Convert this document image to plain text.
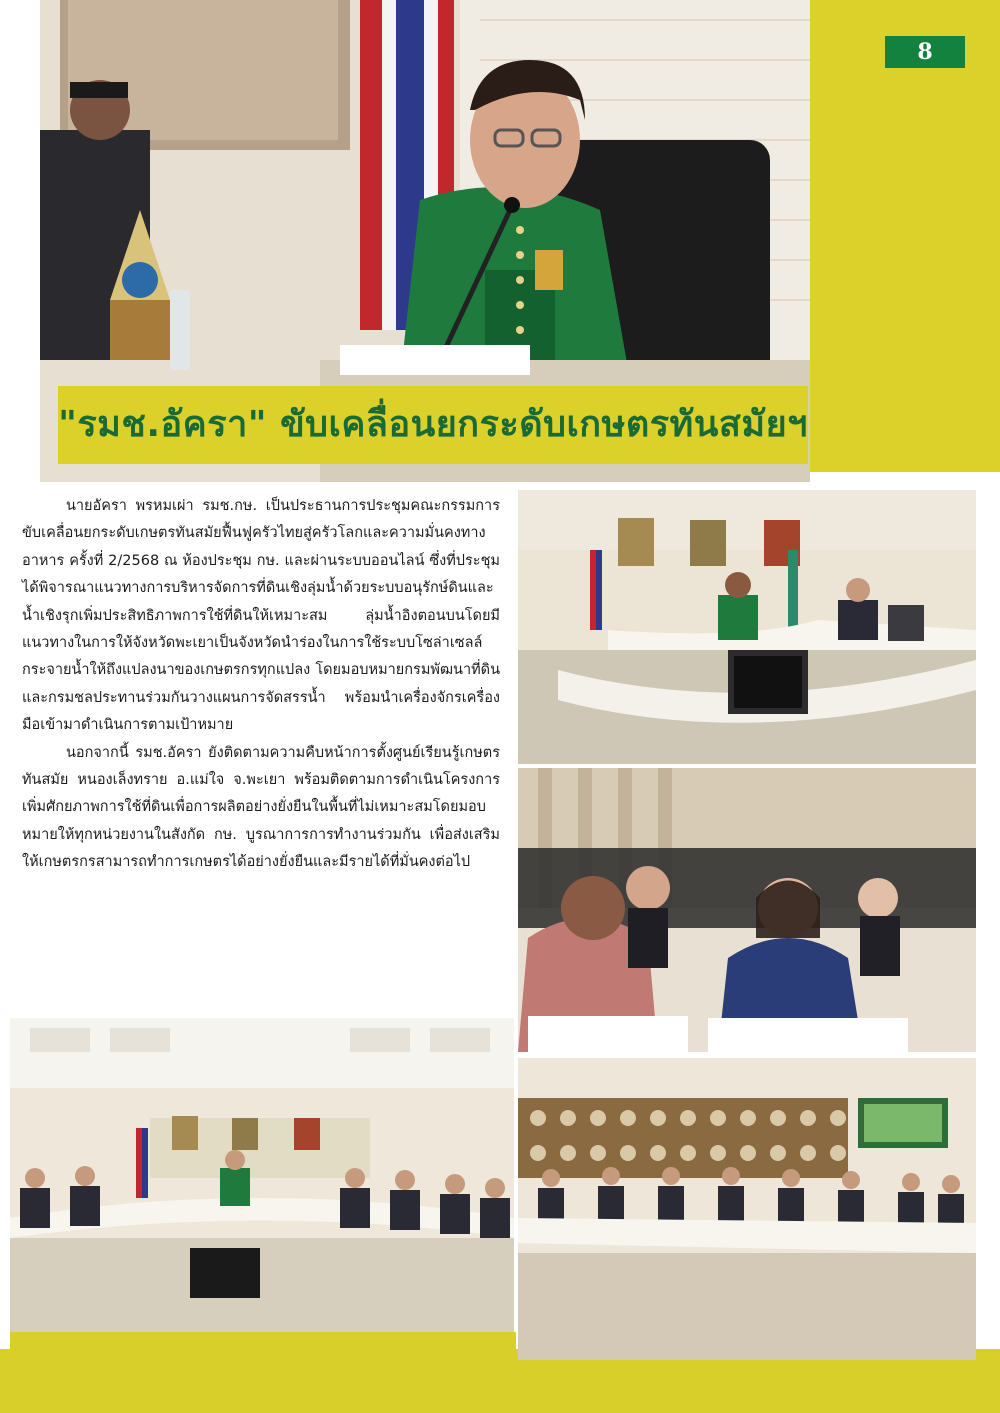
8
"รมช.อัครา" ขับเคลื่อนยกระดับเกษตรทันสมัยฯ

นายอัครา พรหมเผ่า รมช.กษ. เป็นประธานการประชุมคณะกรรมการขับเคลื่อนยกระดับเกษตรทันสมัยฟื้นฟูครัวไทยสู่ครัวโลกและความมั่นคงทางอาหาร ครั้งที่ 2/2568 ณ ห้องประชุม กษ. และผ่านระบบออนไลน์ ซึ่งที่ประชุมได้พิจารณาแนวทางการบริหารจัดการที่ดินเชิงลุ่มน้ำด้วยระบบอนุรักษ์ดินและน้ำเชิงรุกเพิ่มประสิทธิภาพการใช้ที่ดินให้เหมาะสม ลุ่มน้ำอิงตอนบนโดยมีแนวทางในการให้จังหวัดพะเยาเป็นจังหวัดนำร่องในการใช้ระบบโซล่าเซลล์กระจายน้ำให้ถึงแปลงนาของเกษตรกรทุกแปลง โดยมอบหมายกรมพัฒนาที่ดินและกรมชลประทานร่วมกันวางแผนการจัดสรรน้ำ พร้อมนำเครื่องจักรเครื่องมือเข้ามาดำเนินการตามเป้าหมาย

นอกจากนี้ รมช.อัครา ยังติดตามความคืบหน้าการตั้งศูนย์เรียนรู้เกษตรทันสมัย หนองเล็งทราย อ.แม่ใจ จ.พะเยา พร้อมติดตามการดำเนินโครงการเพิ่มศักยภาพการใช้ที่ดินเพื่อการผลิตอย่างยั่งยืนในพื้นที่ไม่เหมาะสมโดยมอบหมายให้ทุกหน่วยงานในสังกัด กษ. บูรณาการการทำงานร่วมกัน เพื่อส่งเสริมให้เกษตรกรสามารถทำการเกษตรได้อย่างยั่งยืนและมีรายได้ที่มั่นคงต่อไป
